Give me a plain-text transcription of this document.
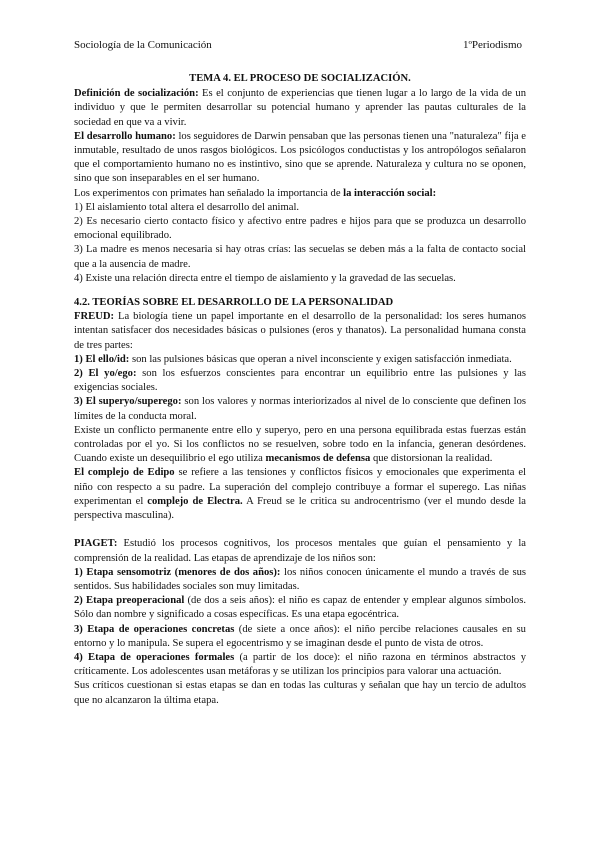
Sociología de la Comunicación	1ºPeriodismo

TEMA 4. EL PROCESO DE SOCIALIZACIÓN.

Definición de socialización: Es el conjunto de experiencias que tienen lugar a lo largo de la vida de un individuo y que le permiten desarrollar su potencial humano y aprender las pautas culturales de la sociedad en que va a vivir.

El desarrollo humano: los seguidores de Darwin pensaban que las personas tienen una "naturaleza" fija e inmutable, resultado de unos rasgos biológicos. Los psicólogos conductistas y los antropólogos señalaron que el comportamiento humano no es instintivo, sino que se aprende. Naturaleza y cultura no se oponen, sino que son inseparables en el ser humano.

Los experimentos con primates han señalado la importancia de la interacción social:

1) El aislamiento total altera el desarrollo del animal.

2) Es necesario cierto contacto físico y afectivo entre padres e hijos para que se produzca un desarrollo emocional equilibrado.

3) La madre es menos necesaria si hay otras crías: las secuelas se deben más a la falta de contacto social que a la ausencia de madre.

4) Existe una relación directa entre el tiempo de aislamiento y la gravedad de las secuelas.

4.2. TEORÍAS SOBRE EL DESARROLLO DE LA PERSONALIDAD

FREUD: La biología tiene un papel importante en el desarrollo de la personalidad: los seres humanos intentan satisfacer dos necesidades básicas o pulsiones (eros y thanatos). La personalidad humana consta de tres partes:

1) El ello/id: son las pulsiones básicas que operan a nivel inconsciente y exigen satisfacción inmediata.

2) El yo/ego: son los esfuerzos conscientes para encontrar un equilibrio entre las pulsiones y las exigencias sociales.

3) El superyo/superego: son los valores y normas interiorizados al nivel de lo consciente que definen los límites de la conducta moral.

Existe un conflicto permanente entre ello y superyo, pero en una persona equilibrada estas fuerzas están controladas por el yo. Si los conflictos no se resuelven, sobre todo en la infancia, generan desórdenes. Cuando existe un desequilibrio el ego utiliza mecanismos de defensa que distorsionan la realidad.

El complejo de Edipo se refiere a las tensiones y conflictos físicos y emocionales que experimenta el niño con respecto a su padre. La superación del complejo contribuye a formar el superego. Las niñas experimentan el complejo de Electra. A Freud se le critica su androcentrismo (ver el mundo desde la perspectiva masculina).

PIAGET: Estudió los procesos cognitivos, los procesos mentales que guían el pensamiento y la comprensión de la realidad. Las etapas de aprendizaje de los niños son:

1) Etapa sensomotriz (menores de dos años): los niños conocen únicamente el mundo a través de sus sentidos. Sus habilidades sociales son muy limitadas.

2) Etapa preoperacional (de dos a seis años): el niño es capaz de entender y emplear algunos símbolos. Sólo dan nombre y significado a cosas específicas. Es una etapa egocéntrica.

3) Etapa de operaciones concretas (de siete a once años): el niño percibe relaciones causales en su entorno y lo manipula. Se supera el egocentrismo y se imaginan desde el punto de vista de otros.

4) Etapa de operaciones formales (a partir de los doce): el niño razona en términos abstractos y críticamente. Los adolescentes usan metáforas y se utilizan los principios para valorar una actuación.

Sus críticos cuestionan si estas etapas se dan en todas las culturas y señalan que hay un tercio de adultos que no alcanzaron la última etapa.
